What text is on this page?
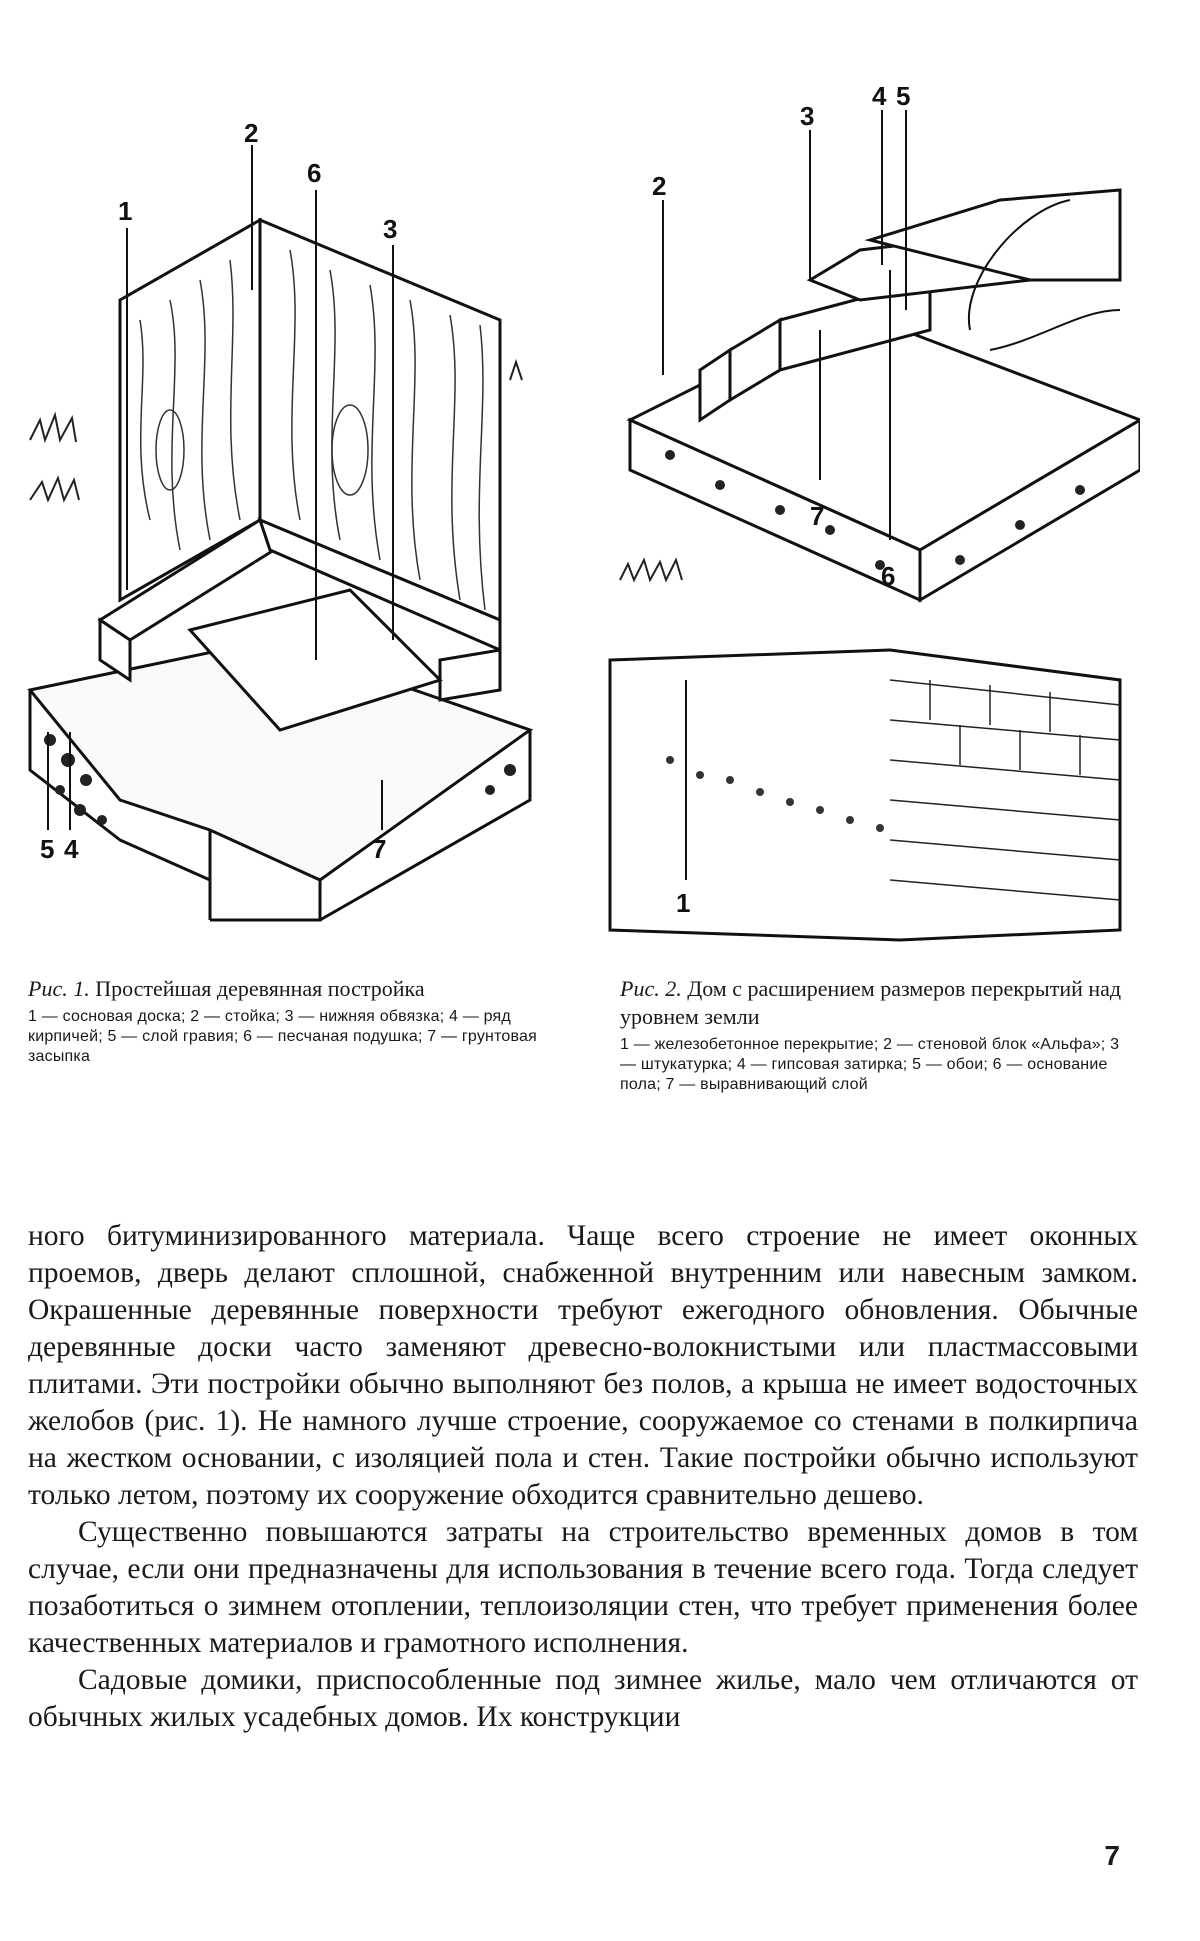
1
2
6
3
5 4	7
4 5
3
2
7
6
1
Рис. 1. Простейшая деревянная постройка
1 — сосновая доска; 2 — стойка; 3 — нижняя обвязка; 4 — ряд кирпичей; 5 — слой гравия; 6 — песчаная подушка; 7 — грунтовая засыпка
Рис. 2. Дом с расширением размеров перекрытий над уровнем земли
1 — железобетонное перекрытие; 2 — стеновой блок «Альфа»; 3 — штукатурка; 4 — гипсовая затирка; 5 — обои; 6 — основание пола; 7 — выравнивающий слой

ного битуминизированного материала. Чаще всего строение не имеет оконных проемов, дверь делают сплошной, снабженной внутренним или навесным замком. Окрашенные деревянные поверхности требуют ежегодного обновления. Обычные деревянные доски часто заменяют древесно-волокнистыми или пластмассовыми плитами. Эти постройки обычно выполняют без полов, а крыша не имеет водосточных желобов (рис. 1). Не намного лучше строение, сооружаемое со стенами в полкирпича на жестком основании, с изоляцией пола и стен. Такие постройки обычно используют только летом, поэтому их сооружение обходится сравнительно дешево.

Существенно повышаются затраты на строительство временных домов в том случае, если они предназначены для использования в течение всего года. Тогда следует позаботиться о зимнем отоплении, теплоизоляции стен, что требует применения более качественных материалов и грамотного исполнения.

Садовые домики, приспособленные под зимнее жилье, мало чем отличаются от обычных жилых усадебных домов. Их конструкции

7
